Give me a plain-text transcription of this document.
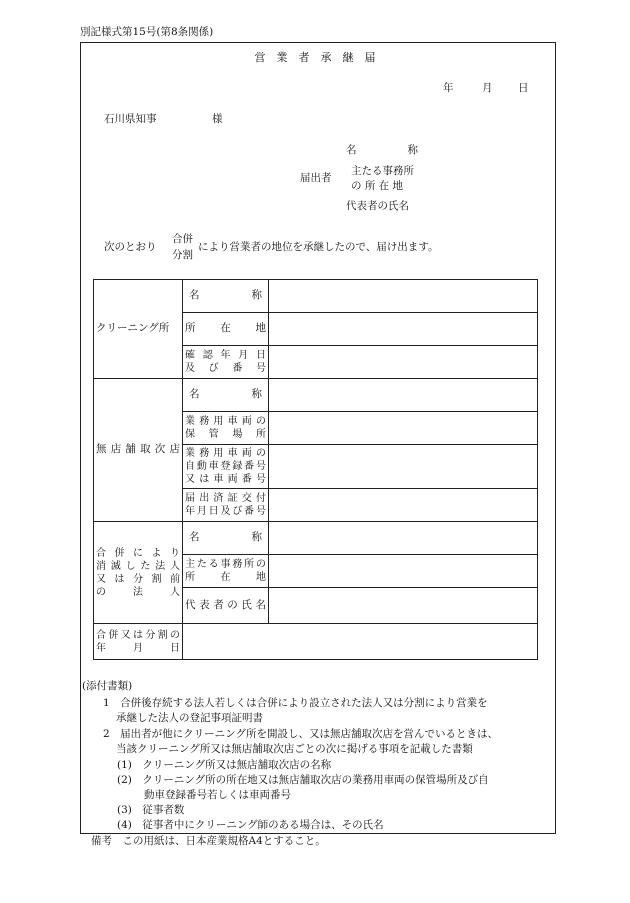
別記様式第15号(第8条関係)
営　業　者　承　継　届
年	月 日
石川県知事	様
名　　称
届出者
主たる事務所
の 所 在 地
代表者の氏名
次のとおり
合併
分割
により営業者の地位を承継したので、届け出ます。
クリーニング所	名　　称	

	所　在　地	

	確認年月日
及び番号	

無店舗取次店	名　　称	

	業務用車両の
保管場所	

	業務用車両の
自動車登録番号
又は車両番号	

	届出済証交付
年月日及び番号	

合併により
消滅した法人
又は分割前
の　法　人	名　　称	

	主たる事務所の
所　在　地	

	代表者の氏名	

合併又は分割の
年　　月　　日		

(添付書類)
1　合併後存続する法人若しくは合併により設立された法人又は分割により営業を
承継した法人の登記事項証明書
2　届出者が他にクリーニング所を開設し、又は無店舗取次店を営んでいるときは、
当該クリーニング所又は無店舗取次店ごとの次に掲げる事項を記載した書類
(1)　クリーニング所又は無店舗取次店の名称
(2)　クリーニング所の所在地又は無店舗取次店の業務用車両の保管場所及び自
動車登録番号若しくは車両番号
(3)　従事者数
(4)　従事者中にクリーニング師のある場合は、その氏名
備考　この用紙は、日本産業規格A4とすること。
